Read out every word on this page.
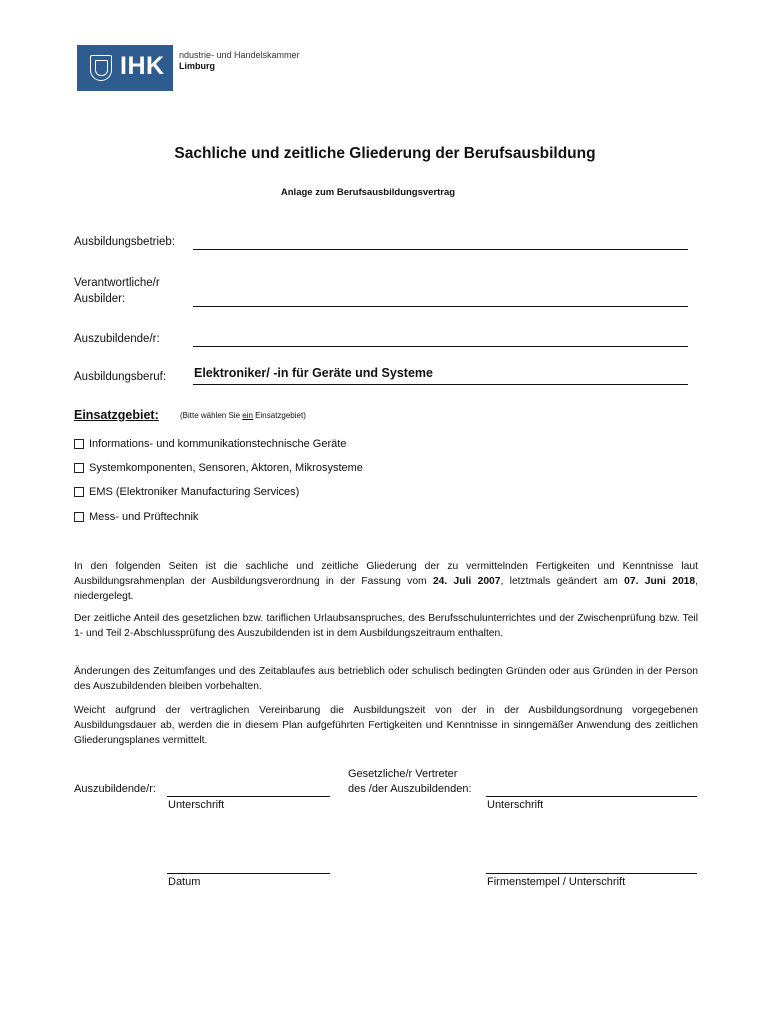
IHK ndustrie- und Handelskammer
Limburg
Sachliche und zeitliche Gliederung der Berufsausbildung
Anlage zum Berufsausbildungsvertrag
Ausbildungsbetrieb:
Verantwortliche/r
Ausbilder:
Auszubildende/r:
Ausbildungsberuf: Elektroniker/ -in für Geräte und Systeme
Einsatzgebiet:	(Bitte wählen Sie ein Einsatzgebiet)
Informations- und kommunikationstechnische Geräte
Systemkomponenten, Sensoren, Aktoren, Mikrosysteme
EMS (Elektroniker Manufacturing Services)
Mess- und Prüftechnik
In den folgenden Seiten ist die sachliche und zeitliche Gliederung der zu vermittelnden Fertigkeiten und Kenntnisse laut Ausbildungsrahmenplan der Ausbildungsverordnung in der Fassung vom 24. Juli 2007, letztmals geändert am 07. Juni 2018, niedergelegt.
Der zeitliche Anteil des gesetzlichen bzw. tariflichen Urlaubsanspruches, des Berufsschulunterrichtes und der Zwischenprüfung bzw. Teil 1- und Teil 2-Abschlussprüfung des Auszubildenden ist in dem Ausbildungszeitraum enthalten.
Änderungen des Zeitumfanges und des Zeitablaufes aus betrieblich oder schulisch bedingten Gründen oder aus Gründen in der Person des Auszubildenden bleiben vorbehalten.
Weicht aufgrund der vertraglichen Vereinbarung die Ausbildungszeit von der in der Ausbildungsordnung vorgegebenen Ausbildungsdauer ab, werden die in diesem Plan aufgeführten Fertigkeiten und Kenntnisse in sinngemäßer Anwendung des zeitlichen Gliederungsplanes vermittelt.
Auszubildende/r:
Unterschrift
Gesetzliche/r Vertreter
des /der Auszubildenden:
Unterschrift
Datum	Firmenstempel / Unterschrift
